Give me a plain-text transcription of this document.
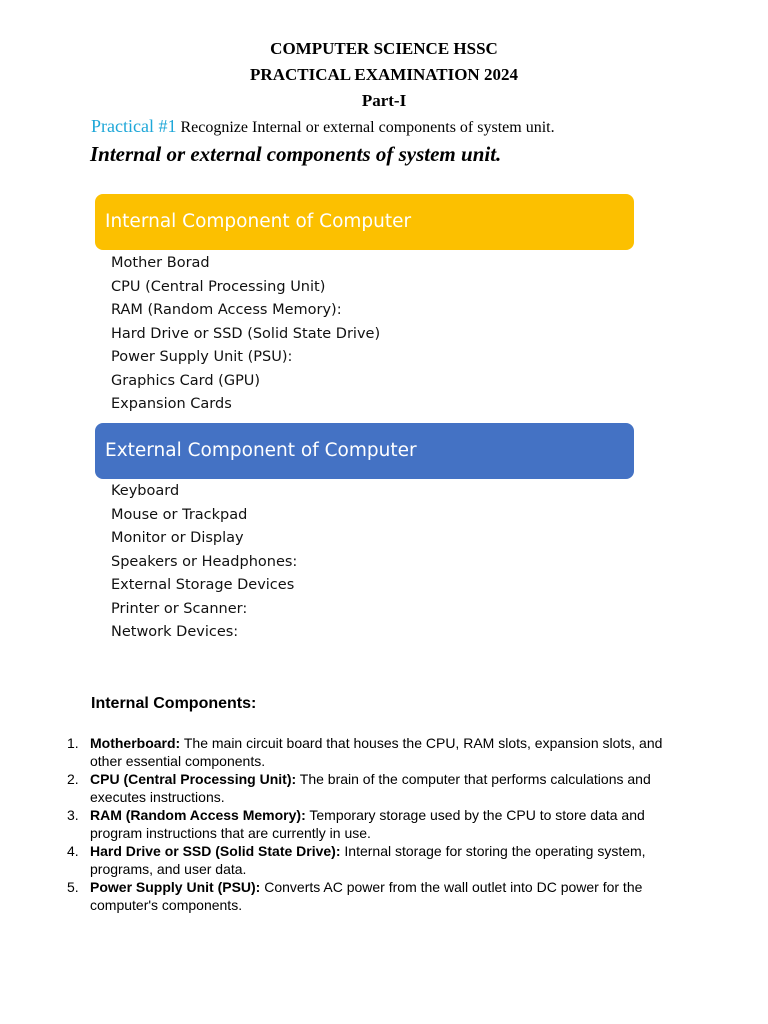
COMPUTER SCIENCE HSSC
PRACTICAL EXAMINATION 2024
Part-I
Practical #1 Recognize Internal or external components of system unit.
Internal or external components of system unit.
Internal Component of Computer
Mother Borad
CPU (Central Processing Unit)
RAM (Random Access Memory):
Hard Drive or SSD (Solid State Drive)
Power Supply Unit (PSU):
Graphics Card (GPU)
Expansion Cards
External Component of Computer
Keyboard
Mouse or Trackpad
Monitor or Display
Speakers or Headphones:
External Storage Devices
Printer or Scanner:
Network Devices:
Internal Components:
1. Motherboard: The main circuit board that houses the CPU, RAM slots, expansion slots, and other essential components.
2. CPU (Central Processing Unit): The brain of the computer that performs calculations and executes instructions.
3. RAM (Random Access Memory): Temporary storage used by the CPU to store data and program instructions that are currently in use.
4. Hard Drive or SSD (Solid State Drive): Internal storage for storing the operating system, programs, and user data.
5. Power Supply Unit (PSU): Converts AC power from the wall outlet into DC power for the computer's components.
